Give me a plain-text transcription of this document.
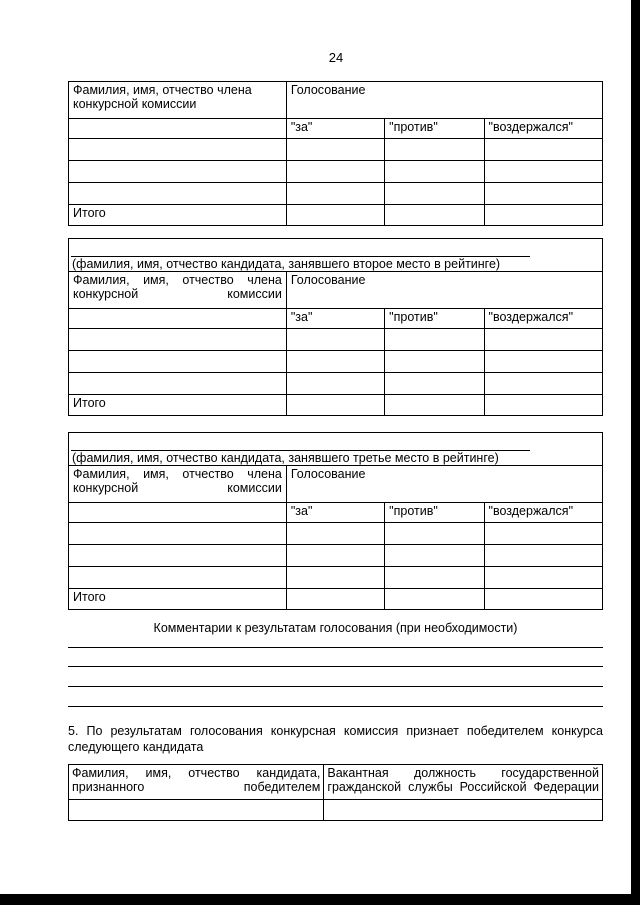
24
Фамилия, имя, отчество члена конкурсной комиссии	Голосование		
	"за"	"против"	"воздержался"

Итого			
(фамилия, имя, отчество кандидата, занявшего второе место в рейтинге)			

Фамилия, имя, отчество члена конкурсной комиссии	Голосование		
	"за"	"против"	"воздержался"

Итого			
(фамилия, имя, отчество кандидата, занявшего третье место в рейтинге)			

Фамилия, имя, отчество члена конкурсной комиссии	Голосование		
	"за"	"против"	"воздержался"

Итого			
Комментарии к результатам голосования (при необходимости)
5. По результатам голосования конкурсная комиссия признает победителем конкурса следующего кандидата
Фамилия, имя, отчество кандидата, признанного победителем	Вакантная должность государственной гражданской службы Российской Федерации
